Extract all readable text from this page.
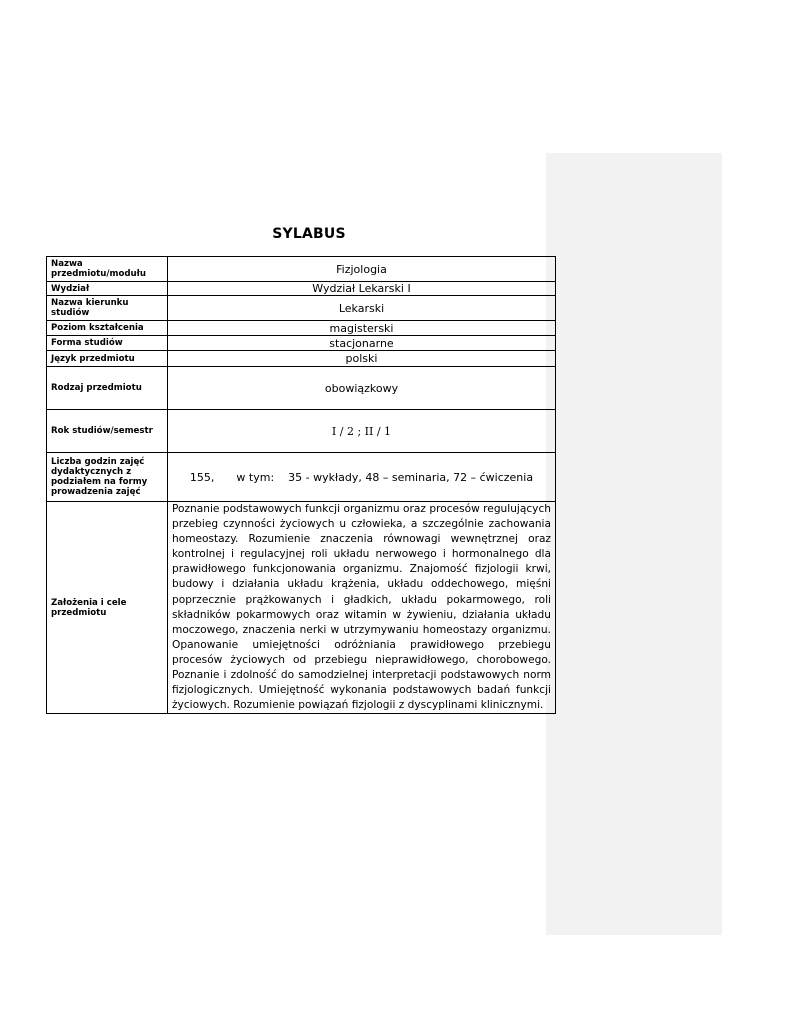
SYLABUS
Nazwa przedmiotu/modułu	Fizjologia
Wydział	Wydział Lekarski I
Nazwa kierunku studiów	Lekarski
Poziom kształcenia	magisterski
Forma studiów	stacjonarne
Język przedmiotu	polski
Rodzaj przedmiotu	obowiązkowy
Rok studiów/semestr	I / 2 ; II / 1
Liczba godzin zajęć dydaktycznych z podziałem na formy prowadzenia zajęć	155, w tym: 35 - wykłady, 48 – seminaria, 72 – ćwiczenia
Założenia i cele przedmiotu	Poznanie podstawowych funkcji organizmu oraz procesów regulujących przebieg czynności życiowych u człowieka, a szczególnie zachowania homeostazy. Rozumienie znaczenia równowagi wewnętrznej oraz kontrolnej i regulacyjnej roli układu nerwowego i hormonalnego dla prawidłowego funkcjonowania organizmu. Znajomość fizjologii krwi, budowy i działania układu krążenia, układu oddechowego, mięśni poprzecznie prążkowanych i gładkich, układu pokarmowego, roli składników pokarmowych oraz witamin w żywieniu, działania układu moczowego, znaczenia nerki w utrzymywaniu homeostazy organizmu. Opanowanie umiejętności odróżniania prawidłowego przebiegu procesów życiowych od przebiegu nieprawidłowego, chorobowego. Poznanie i zdolność do samodzielnej interpretacji podstawowych norm fizjologicznych. Umiejętność wykonania podstawowych badań funkcji życiowych. Rozumienie powiązań fizjologii z dyscyplinami klinicznymi.
